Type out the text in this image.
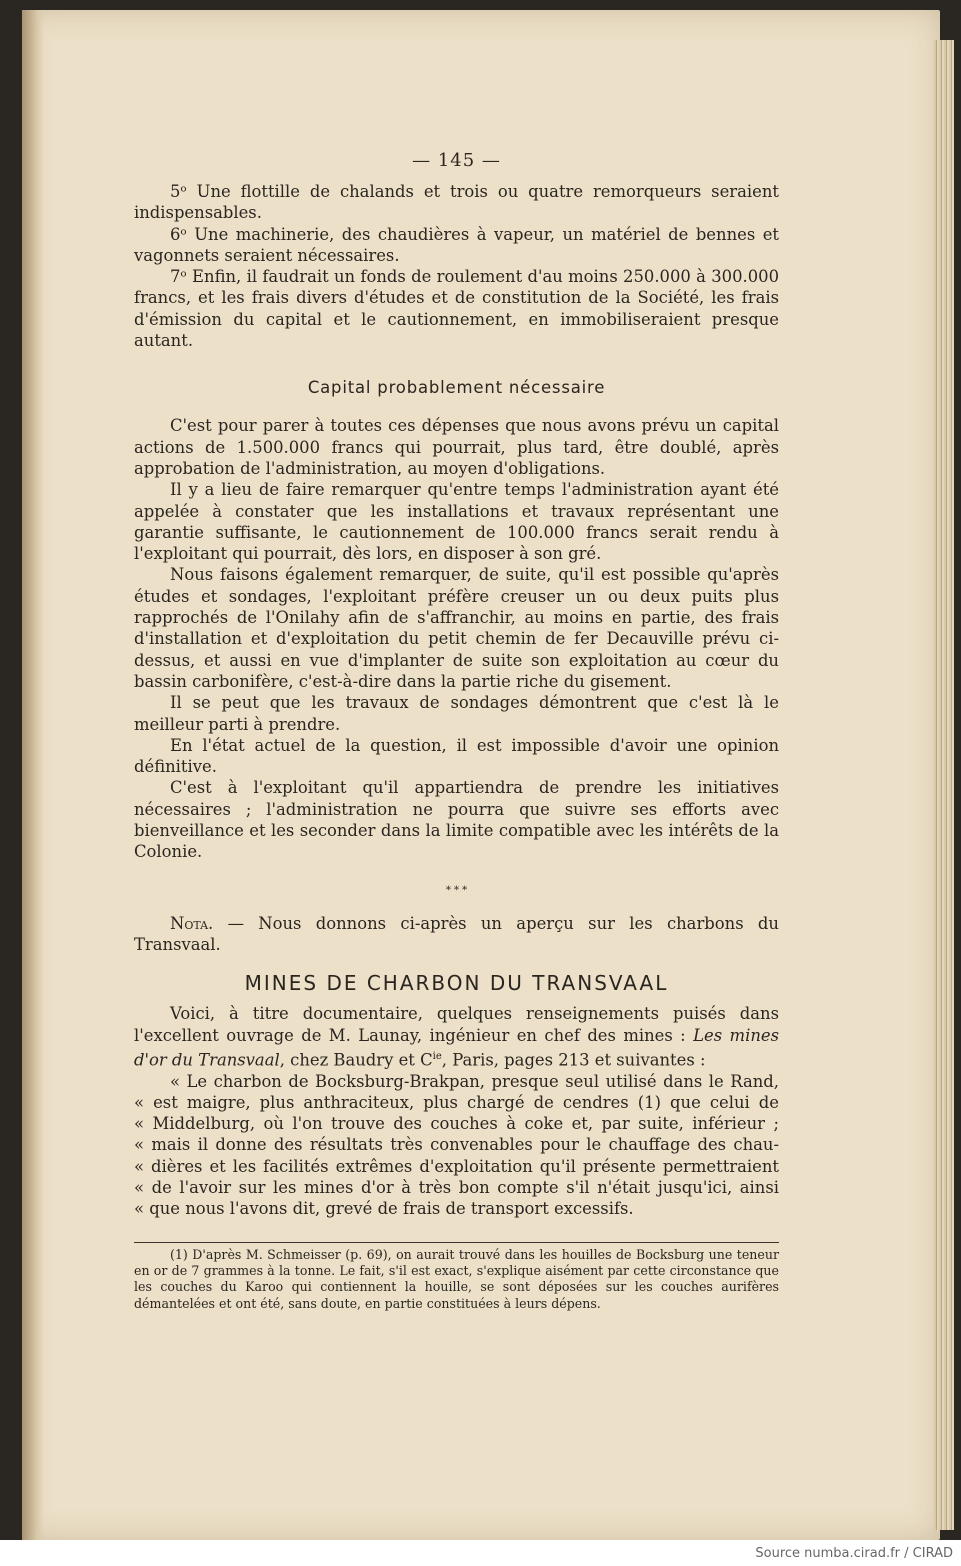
— 145 —

5ᵒ Une flottille de chalands et trois ou quatre remorqueurs seraient indispensables.

6ᵒ Une machinerie, des chaudières à vapeur, un matériel de bennes et vagonnets seraient nécessaires.

7ᵒ Enfin, il faudrait un fonds de roulement d'au moins 250.000 à 300.000 francs, et les frais divers d'études et de constitution de la Société, les frais d'émission du capital et le cautionnement, en immobiliseraient presque autant.

Capital probablement nécessaire

C'est pour parer à toutes ces dépenses que nous avons prévu un capital actions de 1.500.000 francs qui pourrait, plus tard, être doublé, après approbation de l'administration, au moyen d'obligations.

Il y a lieu de faire remarquer qu'entre temps l'administration ayant été appelée à constater que les installations et travaux représentant une garantie suffisante, le cautionnement de 100.000 francs serait rendu à l'exploitant qui pourrait, dès lors, en disposer à son gré.

Nous faisons également remarquer, de suite, qu'il est possible qu'après études et sondages, l'exploitant préfère creuser un ou deux puits plus rapprochés de l'Onilahy afin de s'affranchir, au moins en partie, des frais d'installation et d'exploitation du petit chemin de fer Decauville prévu ci-dessus, et aussi en vue d'implanter de suite son exploitation au cœur du bassin carbonifère, c'est-à-dire dans la partie riche du gisement.

Il se peut que les travaux de sondages démontrent que c'est là le meilleur parti à prendre.

En l'état actuel de la question, il est impossible d'avoir une opinion définitive.

C'est à l'exploitant qu'il appartiendra de prendre les initiatives nécessaires ; l'administration ne pourra que suivre ses efforts avec bienveillance et les seconder dans la limite compatible avec les intérêts de la Colonie.

* * *

Nota. — Nous donnons ci-après un aperçu sur les charbons du Transvaal.

MINES DE CHARBON DU TRANSVAAL

Voici, à titre documentaire, quelques renseignements puisés dans l'excellent ouvrage de M. Launay, ingénieur en chef des mines : Les mines d'or du Transvaal, chez Baudry et $C^{ie}$, Paris, pages 213 et suivantes :

« Le charbon de Bocksburg-Brakpan, presque seul utilisé dans le Rand,

« est maigre, plus anthraciteux, plus chargé de cendres (1) que celui de

« Middelburg, où l'on trouve des couches à coke et, par suite, inférieur ;

« mais il donne des résultats très convenables pour le chauffage des chau-

« dières et les facilités extrêmes d'exploitation qu'il présente permettraient

« de l'avoir sur les mines d'or à très bon compte s'il n'était jusqu'ici, ainsi

« que nous l'avons dit, grevé de frais de transport excessifs.

(1) D'après M. Schmeisser (p. 69), on aurait trouvé dans les houilles de Bocksburg une teneur en or de 7 grammes à la tonne. Le fait, s'il est exact, s'explique aisément par cette circonstance que les couches du Karoo qui contiennent la houille, se sont déposées sur les couches aurifères démantelées et ont été, sans doute, en partie constituées à leurs dépens.

Source numba.cirad.fr / CIRAD
